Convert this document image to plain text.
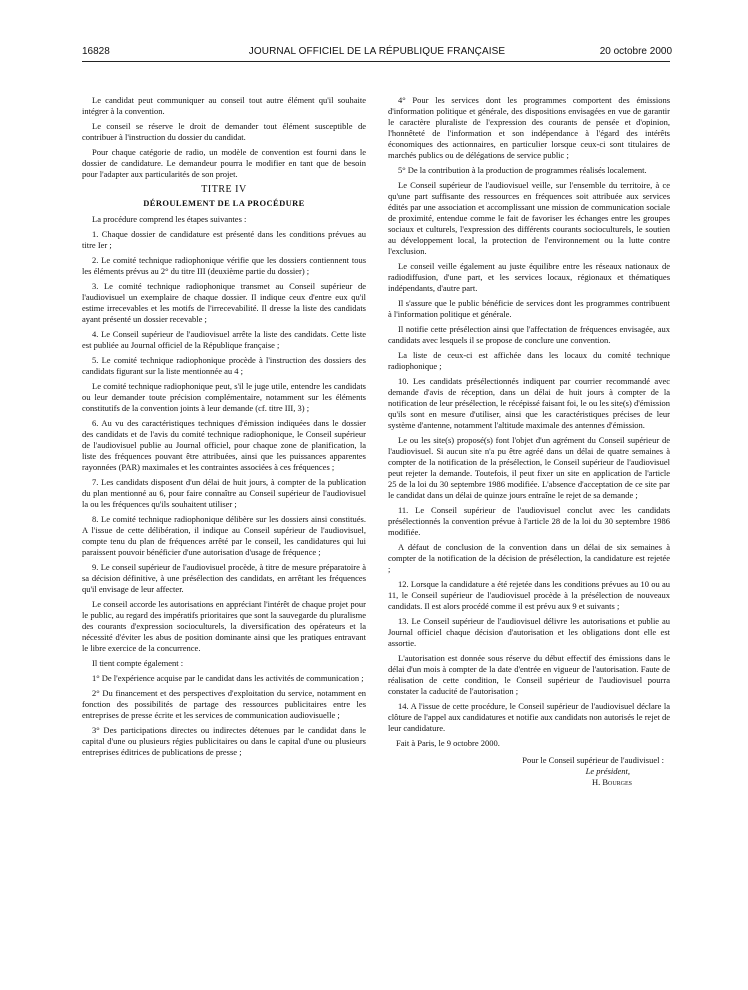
16828	JOURNAL OFFICIEL DE LA RÉPUBLIQUE FRANÇAISE	20 octobre 2000

Le candidat peut communiquer au conseil tout autre élément qu'il souhaite intégrer à la convention.

Le conseil se réserve le droit de demander tout élément susceptible de contribuer à l'instruction du dossier du candidat.

Pour chaque catégorie de radio, un modèle de convention est fourni dans le dossier de candidature. Le demandeur pourra le modifier en tant que de besoin pour l'adapter aux particularités de son projet.

TITRE IV

DÉROULEMENT DE LA PROCÉDURE

La procédure comprend les étapes suivantes :

1. Chaque dossier de candidature est présenté dans les conditions prévues au titre Ier ;

2. Le comité technique radiophonique vérifie que les dossiers contiennent tous les éléments prévus au 2° du titre III (deuxième partie du dossier) ;

3. Le comité technique radiophonique transmet au Conseil supérieur de l'audiovisuel un exemplaire de chaque dossier. Il indique ceux d'entre eux qu'il estime irrecevables et les motifs de l'irrecevabilité. Il dresse la liste des candidats ayant présenté un dossier recevable ;

4. Le Conseil supérieur de l'audiovisuel arrête la liste des candidats. Cette liste est publiée au Journal officiel de la République française ;

5. Le comité technique radiophonique procède à l'instruction des dossiers des candidats figurant sur la liste mentionnée au 4 ;

Le comité technique radiophonique peut, s'il le juge utile, entendre les candidats ou leur demander toute précision complémentaire, notamment sur les éléments constitutifs de la convention joints à leur demande (cf. titre III, 3) ;

6. Au vu des caractéristiques techniques d'émission indiquées dans le dossier des candidats et de l'avis du comité technique radiophonique, le Conseil supérieur de l'audiovisuel publie au Journal officiel, pour chaque zone de planification, la liste des fréquences pouvant être attribuées, ainsi que les puissances apparentes rayonnées (PAR) maximales et les contraintes associées à ces fréquences ;

7. Les candidats disposent d'un délai de huit jours, à compter de la publication du plan mentionné au 6, pour faire connaître au Conseil supérieur de l'audiovisuel la ou les fréquences qu'ils souhaitent utiliser ;

8. Le comité technique radiophonique délibère sur les dossiers ainsi constitués. A l'issue de cette délibération, il indique au Conseil supérieur de l'audiovisuel, compte tenu du plan de fréquences arrêté par le conseil, les candidatures qui lui paraissent pouvoir bénéficier d'une autorisation d'usage de fréquence ;

9. Le conseil supérieur de l'audiovisuel procède, à titre de mesure préparatoire à sa décision définitive, à une présélection des candidats, en arrêtant les fréquences qu'il envisage de leur affecter.

Le conseil accorde les autorisations en appréciant l'intérêt de chaque projet pour le public, au regard des impératifs prioritaires que sont la sauvegarde du pluralisme des courants d'expression socioculturels, la diversification des opérateurs et la nécessité d'éviter les abus de position dominante ainsi que les pratiques entravant le libre exercice de la concurrence.

Il tient compte également :

1° De l'expérience acquise par le candidat dans les activités de communication ;

2° Du financement et des perspectives d'exploitation du service, notamment en fonction des possibilités de partage des ressources publicitaires entre les entreprises de presse écrite et les services de communication audiovisuelle ;

3° Des participations directes ou indirectes détenues par le candidat dans le capital d'une ou plusieurs régies publicitaires ou dans le capital d'une ou plusieurs entreprises éditrices de publications de presse ;

4° Pour les services dont les programmes comportent des émissions d'information politique et générale, des dispositions envisagées en vue de garantir le caractère pluraliste de l'expression des courants de pensée et d'opinion, l'honnêteté de l'information et son indépendance à l'égard des intérêts économiques des actionnaires, en particulier lorsque ceux-ci sont titulaires de marchés publics ou de délégations de service public ;

5° De la contribution à la production de programmes réalisés localement.

Le Conseil supérieur de l'audiovisuel veille, sur l'ensemble du territoire, à ce qu'une part suffisante des ressources en fréquences soit attribuée aux services édités par une association et accomplissant une mission de communication sociale de proximité, entendue comme le fait de favoriser les échanges entre les groupes sociaux et culturels, l'expression des différents courants socioculturels, le soutien au développement local, la protection de l'environnement ou la lutte contre l'exclusion.

Le conseil veille également au juste équilibre entre les réseaux nationaux de radiodiffusion, d'une part, et les services locaux, régionaux et thématiques indépendants, d'autre part.

Il s'assure que le public bénéficie de services dont les programmes contribuent à l'information politique et générale.

Il notifie cette présélection ainsi que l'affectation de fréquences envisagée, aux candidats avec lesquels il se propose de conclure une convention.

La liste de ceux-ci est affichée dans les locaux du comité technique radiophonique ;

10. Les candidats présélectionnés indiquent par courrier recommandé avec demande d'avis de réception, dans un délai de huit jours à compter de la notification de leur présélection, le récépissé faisant foi, le ou les site(s) d'émission qu'ils sont en mesure d'utiliser, ainsi que les caractéristiques précises de leur système d'antenne, notamment l'altitude maximale des antennes d'émission.

Le ou les site(s) proposé(s) font l'objet d'un agrément du Conseil supérieur de l'audiovisuel. Si aucun site n'a pu être agréé dans un délai de quatre semaines à compter de la notification de la présélection, le Conseil supérieur de l'audiovisuel peut rejeter la demande. Toutefois, il peut fixer un site en application de l'article 25 de la loi du 30 septembre 1986 modifiée. L'absence d'acceptation de ce site par le candidat dans un délai de quinze jours entraîne le rejet de sa demande ;

11. Le Conseil supérieur de l'audiovisuel conclut avec les candidats présélectionnés la convention prévue à l'article 28 de la loi du 30 septembre 1986 modifiée.

A défaut de conclusion de la convention dans un délai de six semaines à compter de la notification de la décision de présélection, la candidature est rejetée ;

12. Lorsque la candidature a été rejetée dans les conditions prévues au 10 ou au 11, le Conseil supérieur de l'audiovisuel procède à la présélection de nouveaux candidats. Il est alors procédé comme il est prévu aux 9 et suivants ;

13. Le Conseil supérieur de l'audiovisuel délivre les autorisations et publie au Journal officiel chaque décision d'autorisation et les obligations dont elle est assortie.

L'autorisation est donnée sous réserve du début effectif des émissions dans le délai d'un mois à compter de la date d'entrée en vigueur de l'autorisation. Faute de réalisation de cette condition, le Conseil supérieur de l'audiovisuel pourra constater la caducité de l'autorisation ;

14. A l'issue de cette procédure, le Conseil supérieur de l'audiovisuel déclare la clôture de l'appel aux candidatures et notifie aux candidats non autorisés le rejet de leur candidature.

Fait à Paris, le 9 octobre 2000.

Pour le Conseil supérieur de l'audivisuel :
Le président,
H. Bourges
